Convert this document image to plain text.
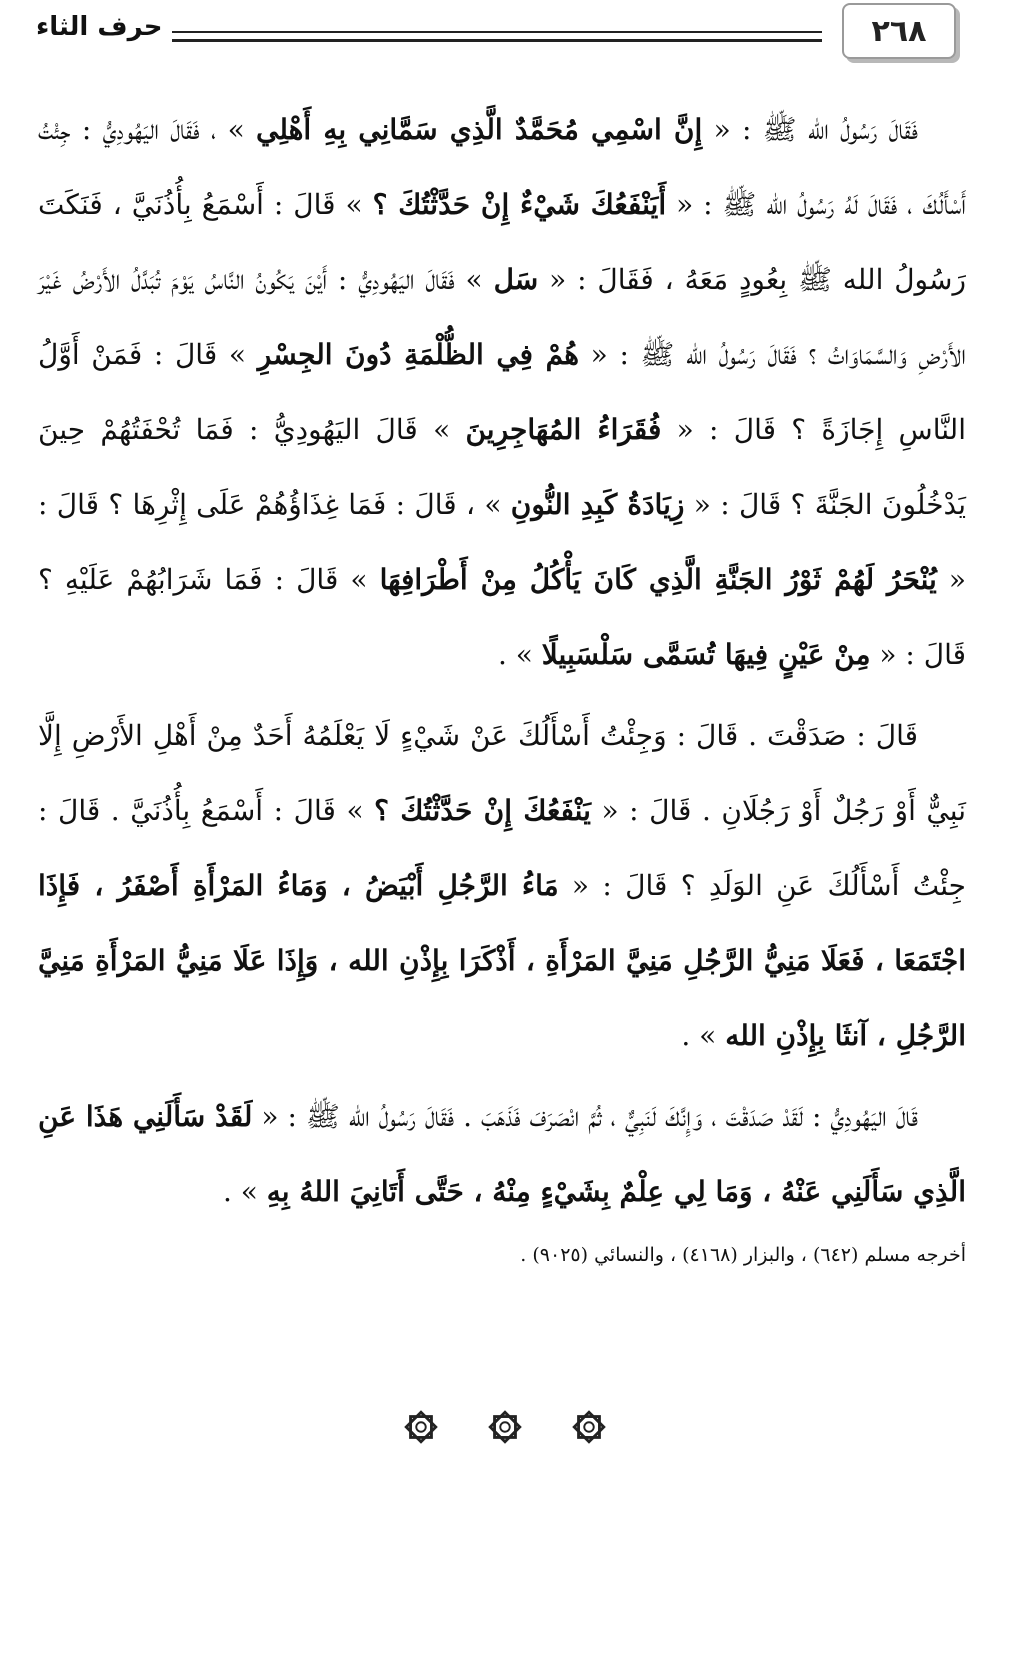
٢٦٨
حرف الثاء

فَقَالَ رَسُولُ الله ﷺ : « إِنَّ اسْمِي مُحَمَّدٌ الَّذِي سَمَّانِي بِهِ أَهْلِي » ، فَقَالَ اليَهُودِيُّ : جِئْتُ أَسْأَلُكَ ، فَقَالَ لَهُ رَسُولُ الله ﷺ : « أَيَنْفَعُكَ شَيْءٌ إِنْ حَدَّثْتُكَ ؟ » قَالَ : أَسْمَعُ بِأُذُنَيَّ ، فَنَكَتَ رَسُولُ الله ﷺ بِعُودٍ مَعَهُ ، فَقَالَ : « سَل » فَقَالَ اليَهُودِيُّ : أَيْنَ يَكُونُ النَّاسُ يَوْمَ تُبَدَّلُ الأَرْضُ غَيْرَ الأَرْضِ وَالسَّمَاوَاتُ ؟ فَقَالَ رَسُولُ الله ﷺ : « هُمْ فِي الظُّلْمَةِ دُونَ الجِسْرِ » قَالَ : فَمَنْ أَوَّلُ النَّاسِ إِجَازَةً ؟ قَالَ : « فُقَرَاءُ المُهَاجِرِينَ » قَالَ اليَهُودِيُّ : فَمَا تُحْفَتُهُمْ حِينَ يَدْخُلُونَ الجَنَّةَ ؟ قَالَ : « زِيَادَةُ كَبِدِ النُّونِ » ، قَالَ : فَمَا غِذَاؤُهُمْ عَلَى إِثْرِهَا ؟ قَالَ : « يُنْحَرُ لَهُمْ ثَوْرُ الجَنَّةِ الَّذِي كَانَ يَأْكُلُ مِنْ أَطْرَافِهَا » قَالَ : فَمَا شَرَابُهُمْ عَلَيْهِ ؟ قَالَ : « مِنْ عَيْنٍ فِيهَا تُسَمَّى سَلْسَبِيلًا » .

قَالَ : صَدَقْتَ . قَالَ : وَجِئْتُ أَسْأَلُكَ عَنْ شَيْءٍ لَا يَعْلَمُهُ أَحَدٌ مِنْ أَهْلِ الأَرْضِ إِلَّا نَبِيٌّ أَوْ رَجُلٌ أَوْ رَجُلَانِ . قَالَ : « يَنْفَعُكَ إِنْ حَدَّثْتُكَ ؟ » قَالَ : أَسْمَعُ بِأُذُنَيَّ . قَالَ : جِئْتُ أَسْأَلُكَ عَنِ الوَلَدِ ؟ قَالَ : « مَاءُ الرَّجُلِ أَبْيَضُ ، وَمَاءُ المَرْأَةِ أَصْفَرُ ، فَإِذَا اجْتَمَعَا ، فَعَلَا مَنِيُّ الرَّجُلِ مَنِيَّ المَرْأَةِ ، أَذْكَرَا بِإِذْنِ الله ، وَإِذَا عَلَا مَنِيُّ المَرْأَةِ مَنِيَّ الرَّجُلِ ، آنثَا بِإِذْنِ الله » .

قَالَ اليَهُودِيُّ : لَقَدْ صَدَقْتَ ، وَإِنَّكَ لَنَبِيٌّ ، ثُمَّ انْصَرَفَ فَذَهَبَ . فَقَالَ رَسُولُ الله ﷺ : « لَقَدْ سَأَلَنِي هَذَا عَنِ الَّذِي سَأَلَنِي عَنْهُ ، وَمَا لِي عِلْمٌ بِشَيْءٍ مِنْهُ ، حَتَّى أَتَانِيَ اللهُ بِهِ » .

أخرجه مسلم (٦٤٢) ، والبزار (٤١٦٨) ، والنسائي (٩٠٢٥) .
